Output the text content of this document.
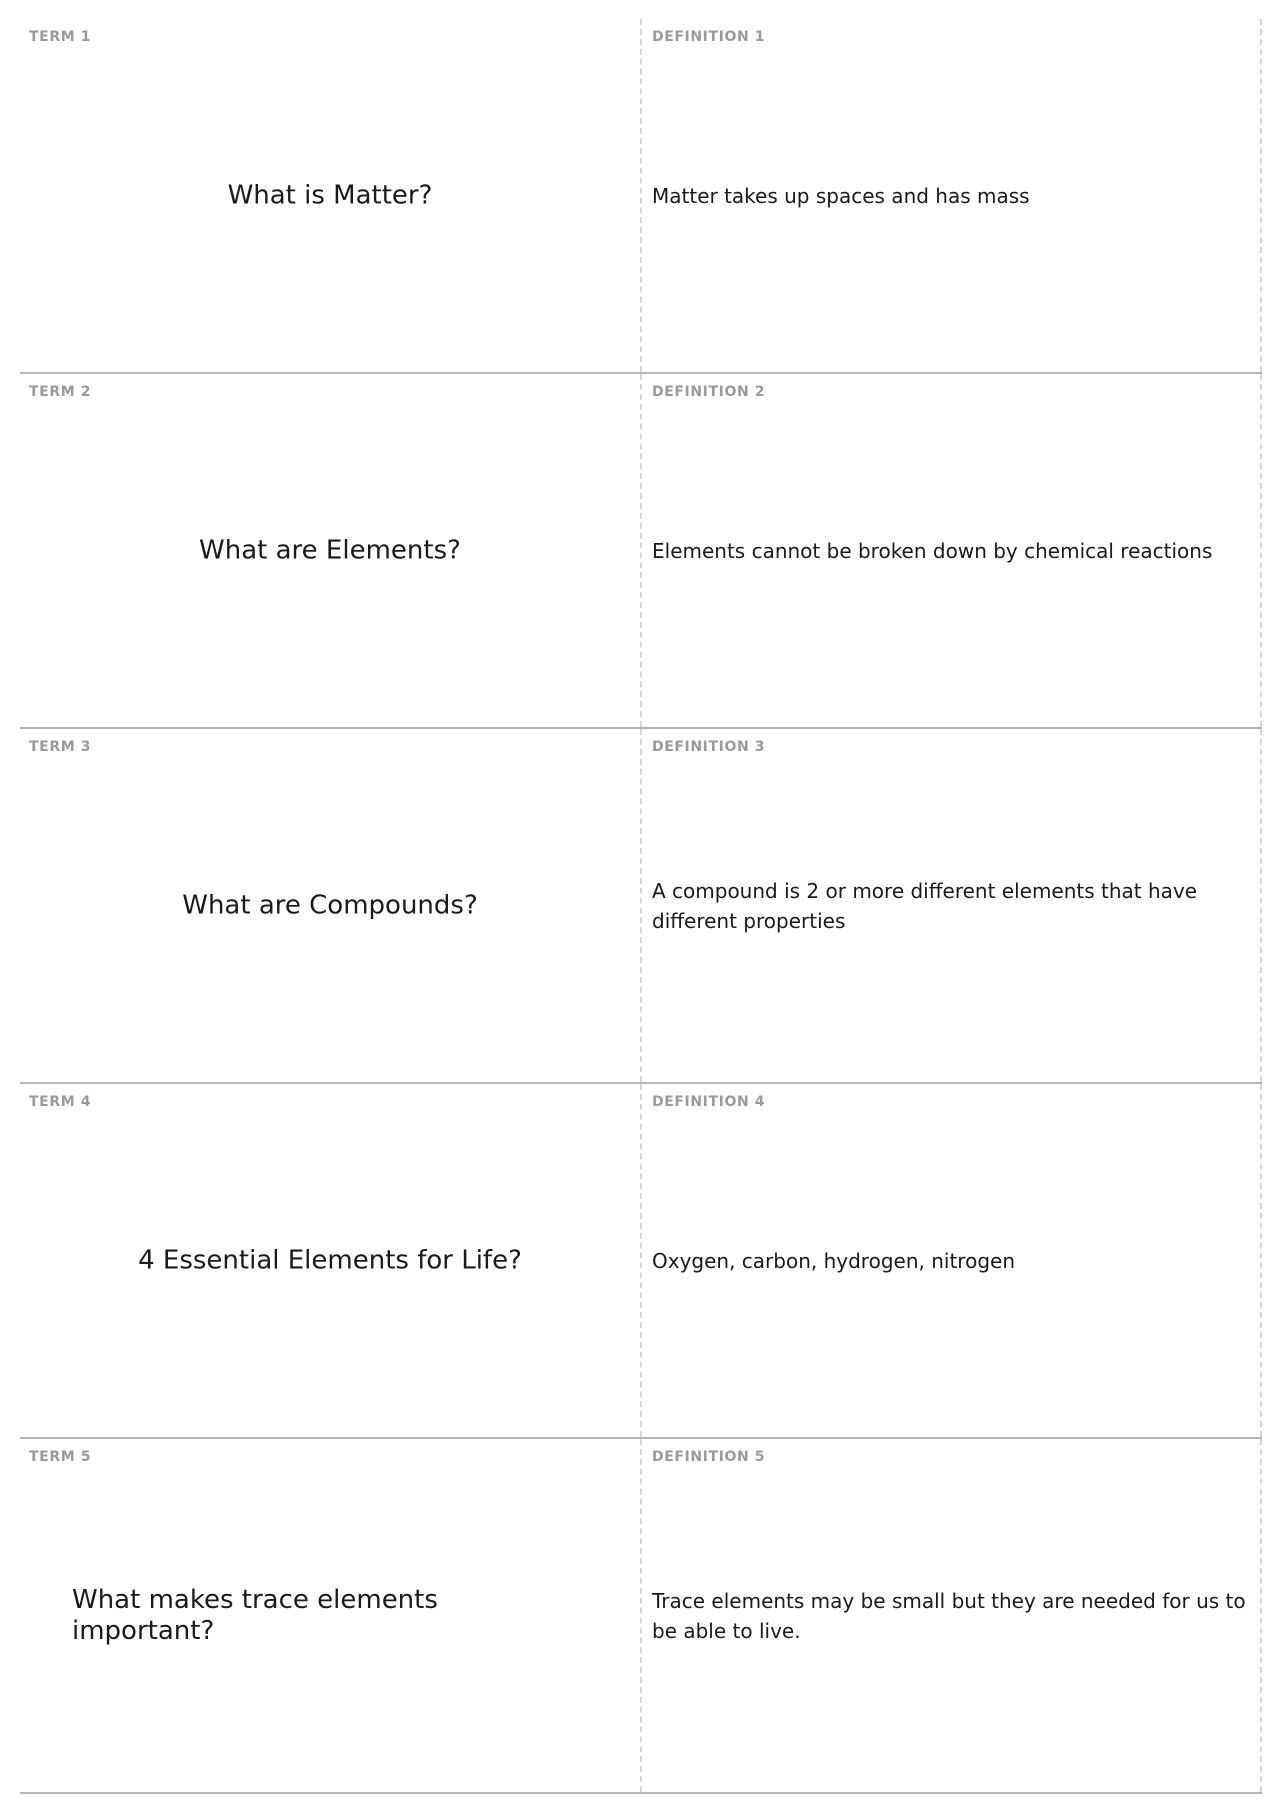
TERM 1
What is Matter?
DEFINITION 1
Matter takes up spaces and has mass
TERM 2
What are Elements?
DEFINITION 2
Elements cannot be broken down by chemical reactions
TERM 3
What are Compounds?
DEFINITION 3
A compound is 2 or more different elements that have different properties
TERM 4
4 Essential Elements for Life?
DEFINITION 4
Oxygen, carbon, hydrogen, nitrogen
TERM 5
What makes trace elements important?
DEFINITION 5
Trace elements may be small but they are needed for us to be able to live.
